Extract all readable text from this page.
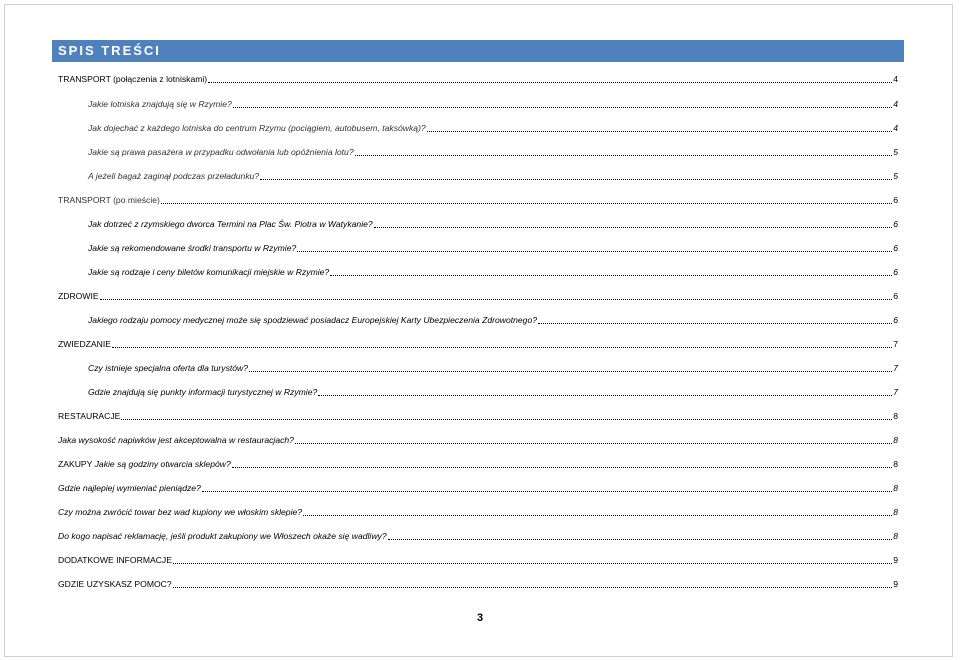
SPIS TREŚCI
TRANSPORT (połączenia z lotniskami)	4
Jakie lotniska znajdują się w Rzymie?	4
Jak dojechać z każdego lotniska do centrum Rzymu (pociągiem, autobusem, taksówką)?	4
Jakie są prawa pasażera w przypadku odwołania lub opóźnienia lotu?	5
A jeżeli bagaż zaginął podczas przeładunku?	5
TRANSPORT (po mieście)	6
Jak dotrzeć z rzymskiego dworca Termini na Plac Św. Piotra w Watykanie?	6
Jakie są rekomendowane środki transportu w Rzymie?	6
Jakie są rodzaje i ceny biletów komunikacji miejskie w Rzymie?	6
ZDROWIE	6
Jakiego rodzaju pomocy medycznej może się spodziewać posiadacz Europejskiej Karty Ubezpieczenia Zdrowotnego?	6
ZWIEDZANIE	7
Czy istnieje specjalna oferta dla turystów?	7
Gdzie znajdują się punkty informacji turystycznej w Rzymie?	7
RESTAURACJE	8
Jaka wysokość napiwków jest akceptowalna w restauracjach?	8
ZAKUPY Jakie są godziny otwarcia sklepów?	8
Gdzie najlepiej wymieniać pieniądze?	8
Czy można zwrócić towar bez wad kupiony we włoskim sklepie?	8
Do kogo napisać reklamację, jeśli produkt zakupiony we Włoszech okaże się wadliwy?	8
DODATKOWE INFORMACJE	9
GDZIE UZYSKASZ POMOC?	9
3
